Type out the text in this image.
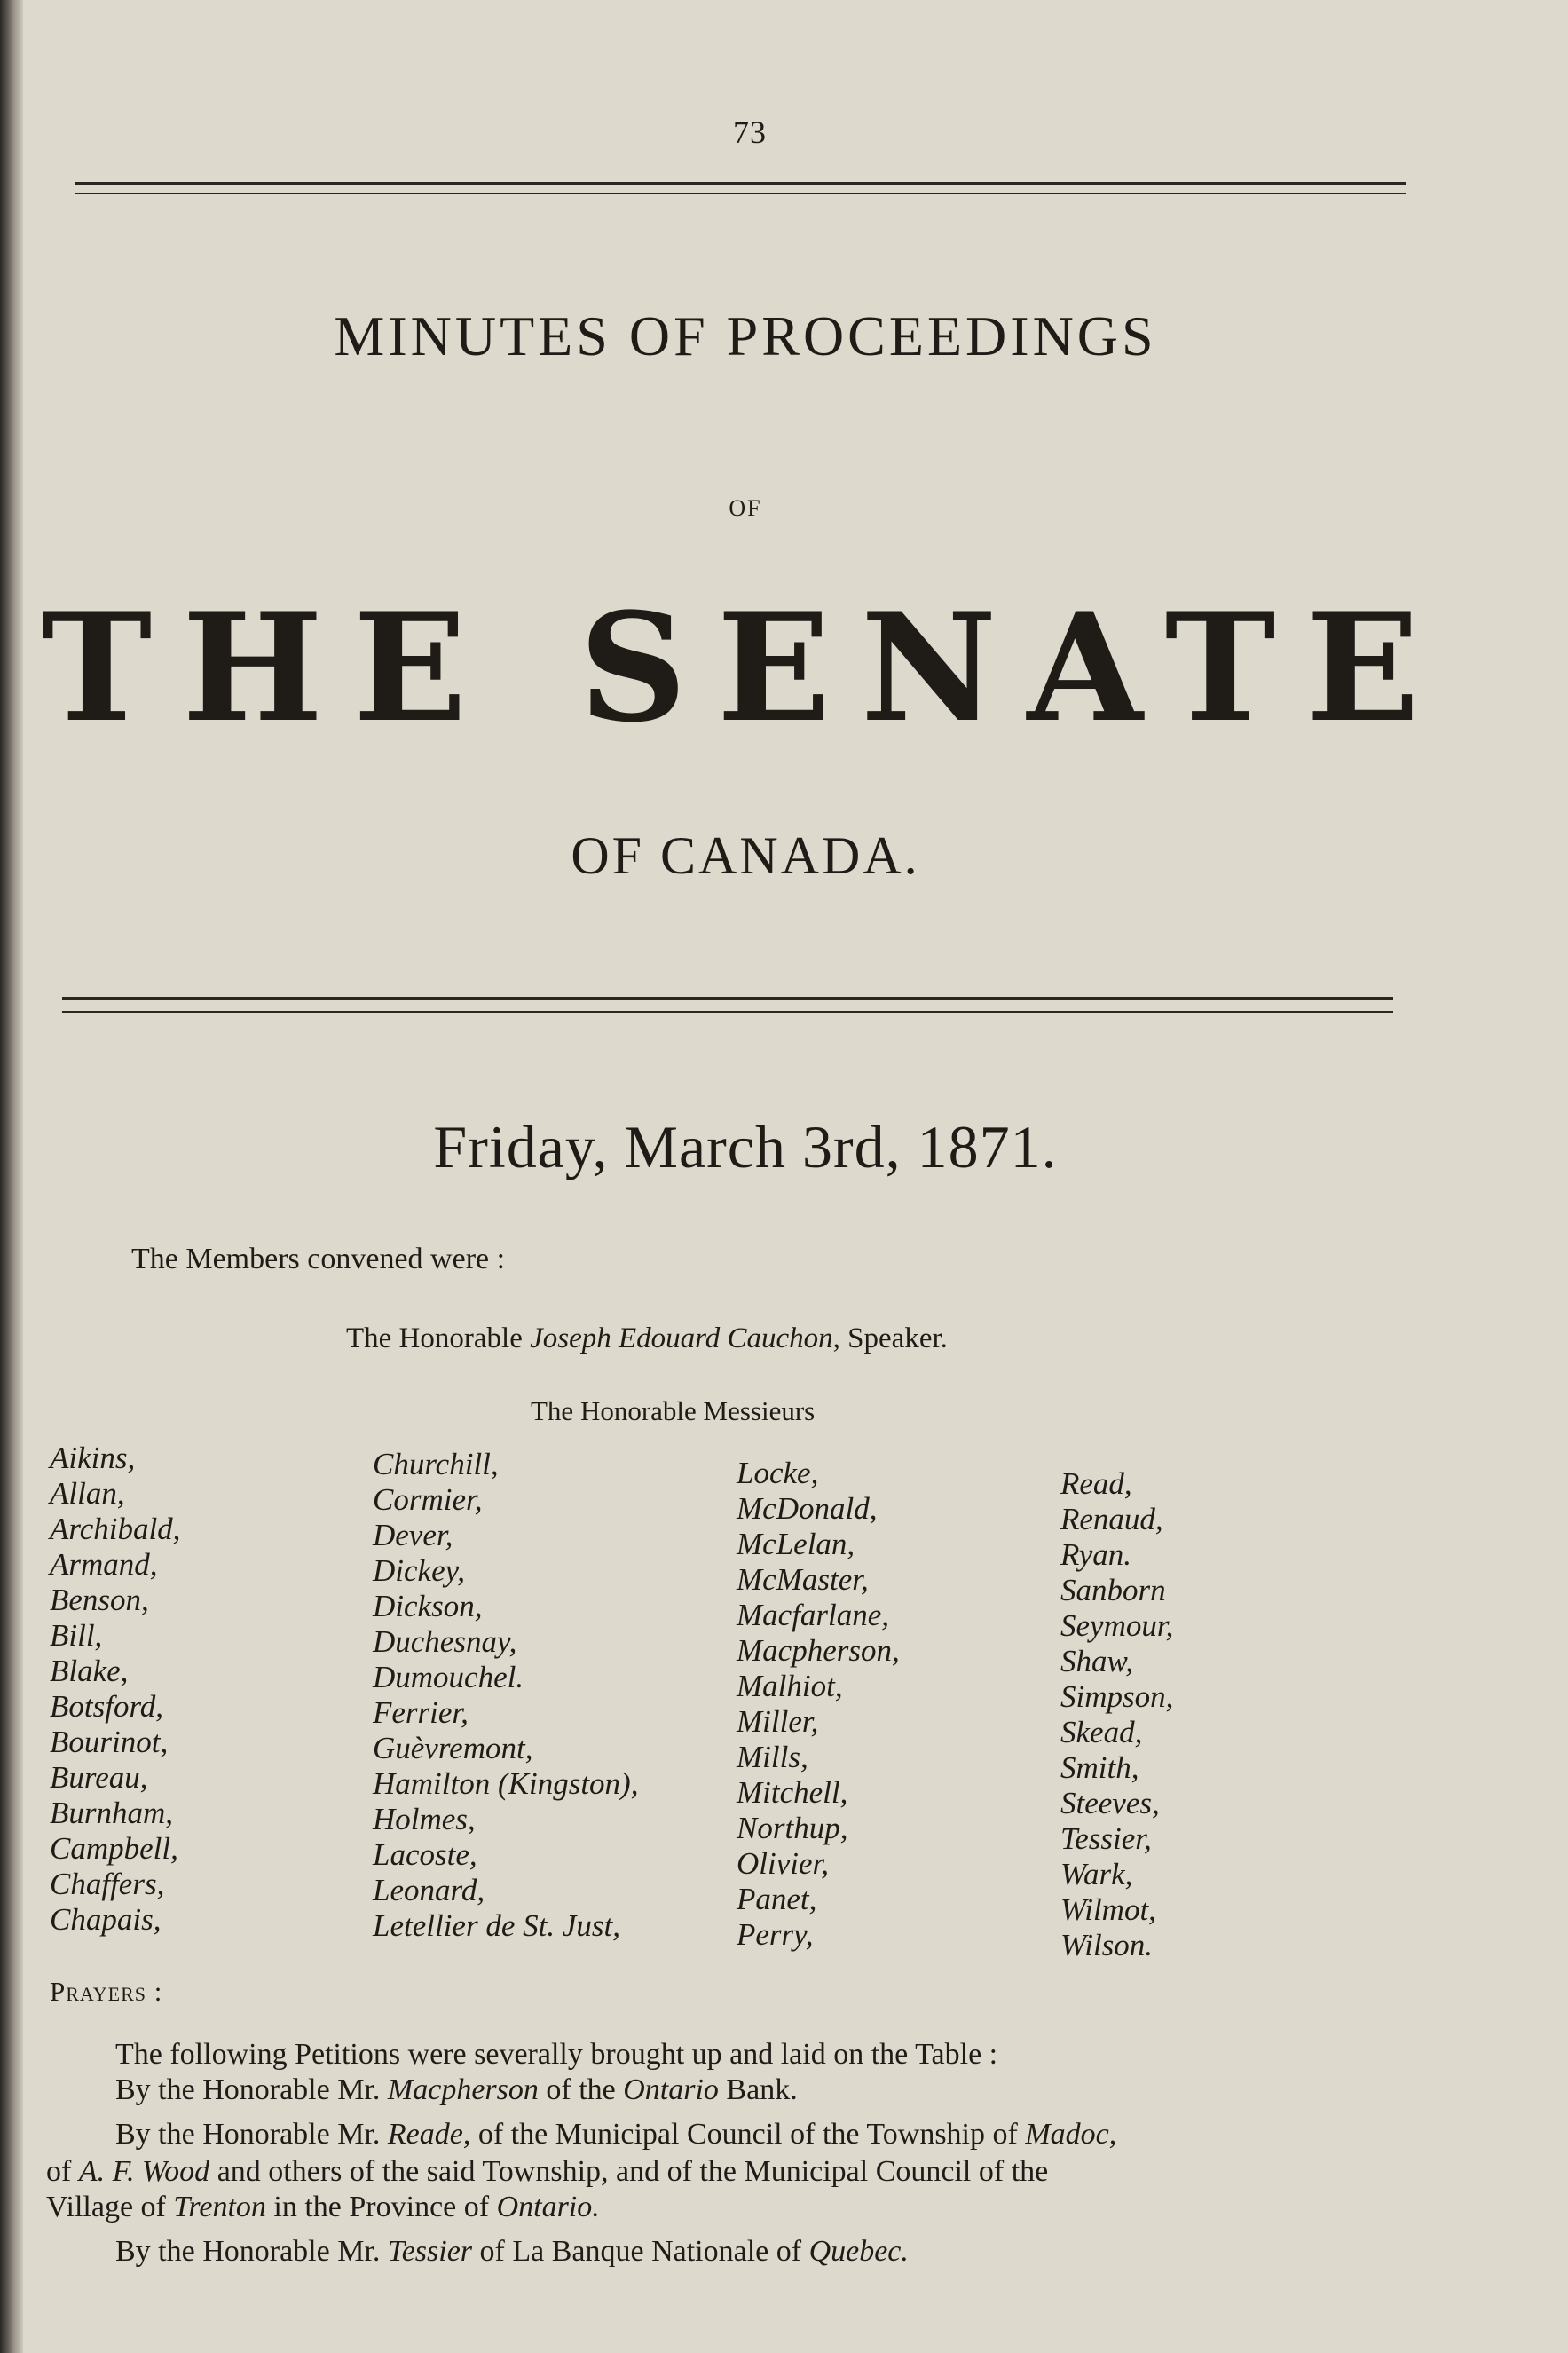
73
MINUTES OF PROCEEDINGS
OF
THE SENATE
OF CANADA.
Friday, March 3rd, 1871.
The Members convened were :
The Honorable Joseph Edouard Cauchon, Speaker.
The Honorable Messieurs
Aikins,
Allan,
Archibald,
Armand,
Benson,
Bill,
Blake,
Botsford,
Bourinot,
Bureau,
Burnham,
Campbell,
Chaffers,
Chapais,
Churchill,
Cormier,
Dever,
Dickey,
Dickson,
Duchesnay,
Dumouchel.
Ferrier,
Guèvremont,
Hamilton (Kingston),
Holmes,
Lacoste,
Leonard,
Letellier de St. Just,
Locke,
McDonald,
McLelan,
McMaster,
Macfarlane,
Macpherson,
Malhiot,
Miller,
Mills,
Mitchell,
Northup,
Olivier,
Panet,
Perry,
Read,
Renaud,
Ryan.
Sanborn
Seymour,
Shaw,
Simpson,
Skead,
Smith,
Steeves,
Tessier,
Wark,
Wilmot,
Wilson.
Prayers :
The following Petitions were severally brought up and laid on the Table :
By the Honorable Mr. Macpherson of the Ontario Bank.
By the Honorable Mr. Reade, of the Municipal Council of the Township of Madoc,
of A. F. Wood and others of the said Township, and of the Municipal Council of the
Village of Trenton in the Province of Ontario.
By the Honorable Mr. Tessier of La Banque Nationale of Quebec.
